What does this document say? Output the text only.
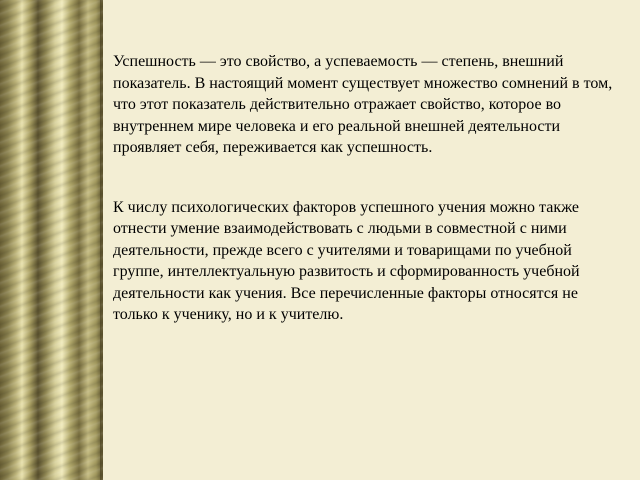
Успешность — это свойство, а успеваемость — степень, внешний показатель. В настоящий момент существует множество сомнений в том, что этот показатель действительно отражает свойство, которое во внутреннем мире человека и его реальной внешней деятельности проявляет себя, переживается как успешность.

К числу психологических факторов успешного учения можно также отнести умение взаимодействовать с людьми в совместной с ними деятельности, прежде всего с учителями и товарищами по учебной группе, интеллектуальную развитость и сформированность учебной деятельности как учения. Все перечисленные факторы относятся не только к ученику, но и к учителю.
